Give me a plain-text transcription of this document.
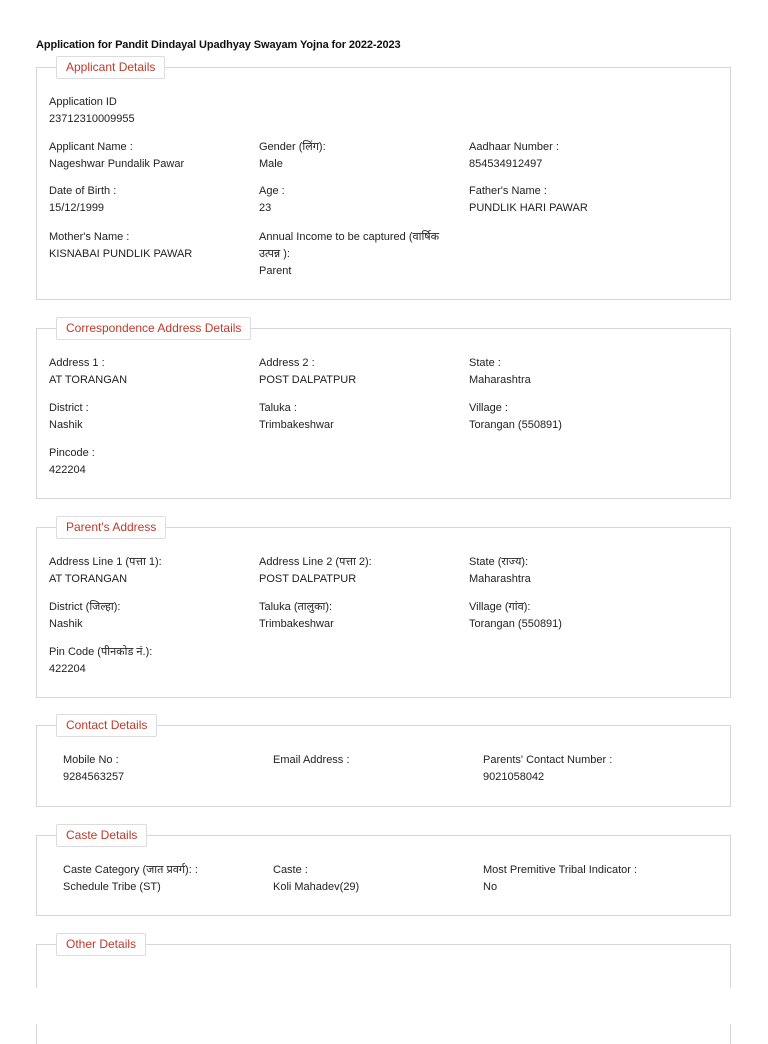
Application for Pandit Dindayal Upadhyay Swayam Yojna for 2022-2023
Applicant Details
Application ID
23712310009955
Applicant Name :
Nageshwar Pundalik Pawar
Gender (लिंग):
Male
Aadhaar Number :
854534912497
Date of Birth :
15/12/1999
Age :
23
Father's Name :
PUNDLIK HARI PAWAR
Mother's Name :
KISNABAI PUNDLIK PAWAR
Annual Income to be captured (वार्षिक
उत्पन्न ):
Parent
Correspondence Address Details
Address 1 :
AT TORANGAN
Address 2 :
POST DALPATPUR
State :
Maharashtra
District :
Nashik
Taluka :
Trimbakeshwar
Village :
Torangan (550891)
Pincode :
422204
Parent's Address
Address Line 1 (पत्ता 1):
AT TORANGAN
Address Line 2 (पत्ता 2):
POST DALPATPUR
State (राज्य):
Maharashtra
District (जिल्हा):
Nashik
Taluka (तालुका):
Trimbakeshwar
Village (गांव):
Torangan (550891)
Pin Code (पीनकोड नं.):
422204
Contact Details
Mobile No :
9284563257
Email Address :	Parents' Contact Number :
9021058042
Caste Details
Caste Category (जात प्रवर्ग): :
Schedule Tribe (ST)
Caste :
Koli Mahadev(29)
Most Premitive Tribal Indicator :
No
Other Details
